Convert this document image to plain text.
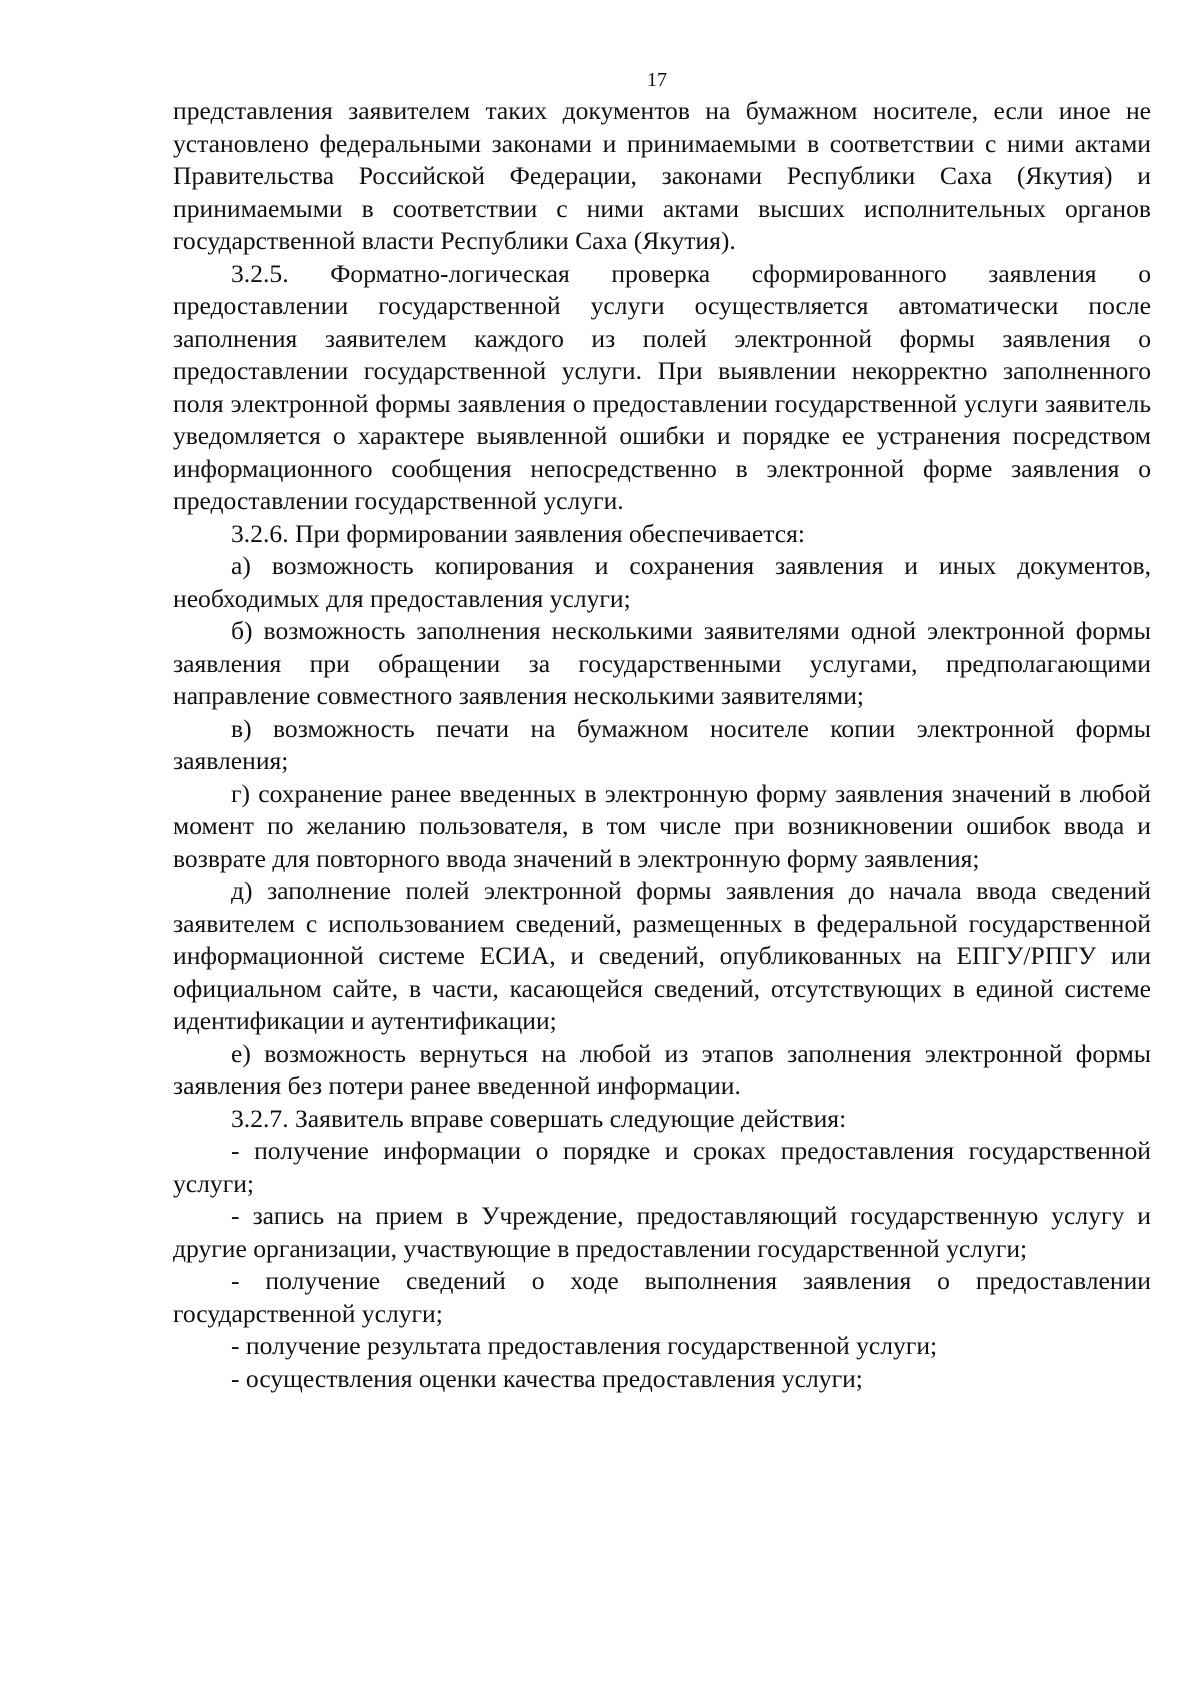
17

представления заявителем таких документов на бумажном носителе, если иное не установлено федеральными законами и принимаемыми в соответствии с ними актами Правительства Российской Федерации, законами Республики Саха (Якутия) и принимаемыми в соответствии с ними актами высших исполнительных органов государственной власти Республики Саха (Якутия).

3.2.5. Форматно-логическая проверка сформированного заявления о предоставлении государственной услуги осуществляется автоматически после заполнения заявителем каждого из полей электронной формы заявления о предоставлении государственной услуги. При выявлении некорректно заполненного поля электронной формы заявления о предоставлении государственной услуги заявитель уведомляется о характере выявленной ошибки и порядке ее устранения посредством информационного сообщения непосредственно в электронной форме заявления о предоставлении государственной услуги.

3.2.6. При формировании заявления обеспечивается:

а) возможность копирования и сохранения заявления и иных документов, необходимых для предоставления услуги;

б) возможность заполнения несколькими заявителями одной электронной формы заявления при обращении за государственными услугами, предполагающими направление совместного заявления несколькими заявителями;

в) возможность печати на бумажном носителе копии электронной формы заявления;

г) сохранение ранее введенных в электронную форму заявления значений в любой момент по желанию пользователя, в том числе при возникновении ошибок ввода и возврате для повторного ввода значений в электронную форму заявления;

д) заполнение полей электронной формы заявления до начала ввода сведений заявителем с использованием сведений, размещенных в федеральной государственной информационной системе ЕСИА, и сведений, опубликованных на ЕПГУ/РПГУ или официальном сайте, в части, касающейся сведений, отсутствующих в единой системе идентификации и аутентификации;

е) возможность вернуться на любой из этапов заполнения электронной формы заявления без потери ранее введенной информации.

3.2.7. Заявитель вправе совершать следующие действия:

- получение информации о порядке и сроках предоставления государственной услуги;

- запись на прием в Учреждение, предоставляющий государственную услугу и другие организации, участвующие в предоставлении государственной услуги;

- получение сведений о ходе выполнения заявления о предоставлении государственной услуги;

- получение результата предоставления государственной услуги;

- осуществления оценки качества предоставления услуги;
